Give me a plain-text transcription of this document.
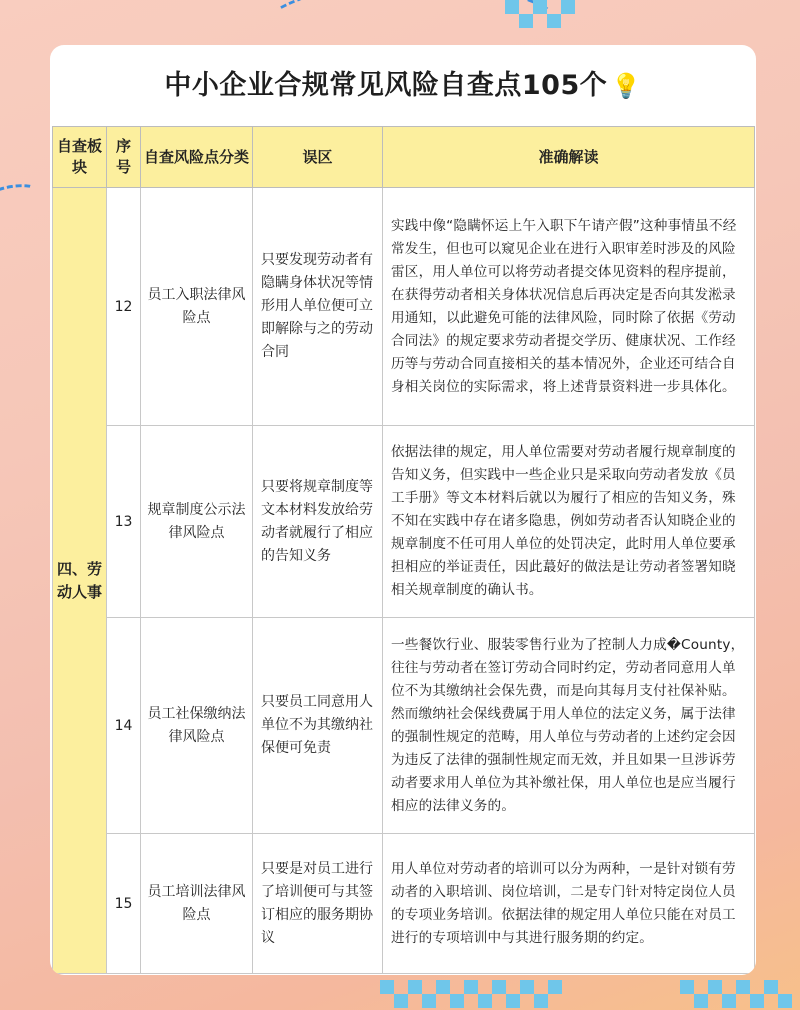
中小企业合规常见风险自查点105个 💡
自查板块	序号	自查风险点分类	误区	准确解读
四、劳动人事	12	员工入职法律风险点	只要发现劳动者有隐瞒身体状况等情形用人单位便可立即解除与之的劳动合同	实践中像“隐瞒怀运上午入职下午请产假”这种事情虽不经常发生，但也可以窥见企业在进行入职审差时涉及的风险雷区，用人单位可以将劳动者提交体见资料的程序提前，在获得劳动者相关身体状况信息后再决定是否向其发淞录用通知，以此避免可能的法律风险，同时除了依据《劳动合同法》的规定要求劳动者提交学历、健康状况、工作经历等与劳动合同直接相关的基本情况外，企业还可结合自身相关岗位的实际需求，将上述背景资料进一步具体化。
	13	规章制度公示法律风险点	只要将规章制度等文本材料发放给劳动者就履行了相应的告知义务	依据法律的规定，用人单位需要对劳动者履行规章制度的告知义务，但实践中一些企业只是采取向劳动者发放《员工手册》等文本材料后就以为履行了相应的告知义务，殊不知在实践中存在诸多隐患，例如劳动者否认知晓企业的规章制度不任可用人单位的处罚决定，此时用人单位要承担相应的举证责任，因此蕞好的做法是让劳动者签署知晓相关规章制度的确认书。
	14	员工社保缴纳法律风险点	只要员工同意用人单位不为其缴纳社保便可免责	一些餐饮行业、服装零售行业为了控制人力成�County，往往与劳动者在签订劳动合同时约定，劳动者同意用人单位不为其缴纳社会保先费，而是向其每月支付社保补贴。然而缴纳社会保线费属于用人单位的法定义务，属于法律的强制性规定的范畴，用人单位与劳动者的上述约定会因为违反了法律的强制性规定而无效，并且如果一旦涉诉劳动者要求用人单位为其补缴社保，用人单位也是应当履行相应的法律义务的。
	15	员工培训法律风险点	只要是对员工进行了培训便可与其签订相应的服务期协议	用人单位对劳动者的培训可以分为两种，一是针对锁有劳动者的入职培训、岗位培训，二是专门针对特定岗位人员的专项业务培训。依据法律的规定用人单位只能在对员工进行的专项培训中与其进行服务期的约定。
